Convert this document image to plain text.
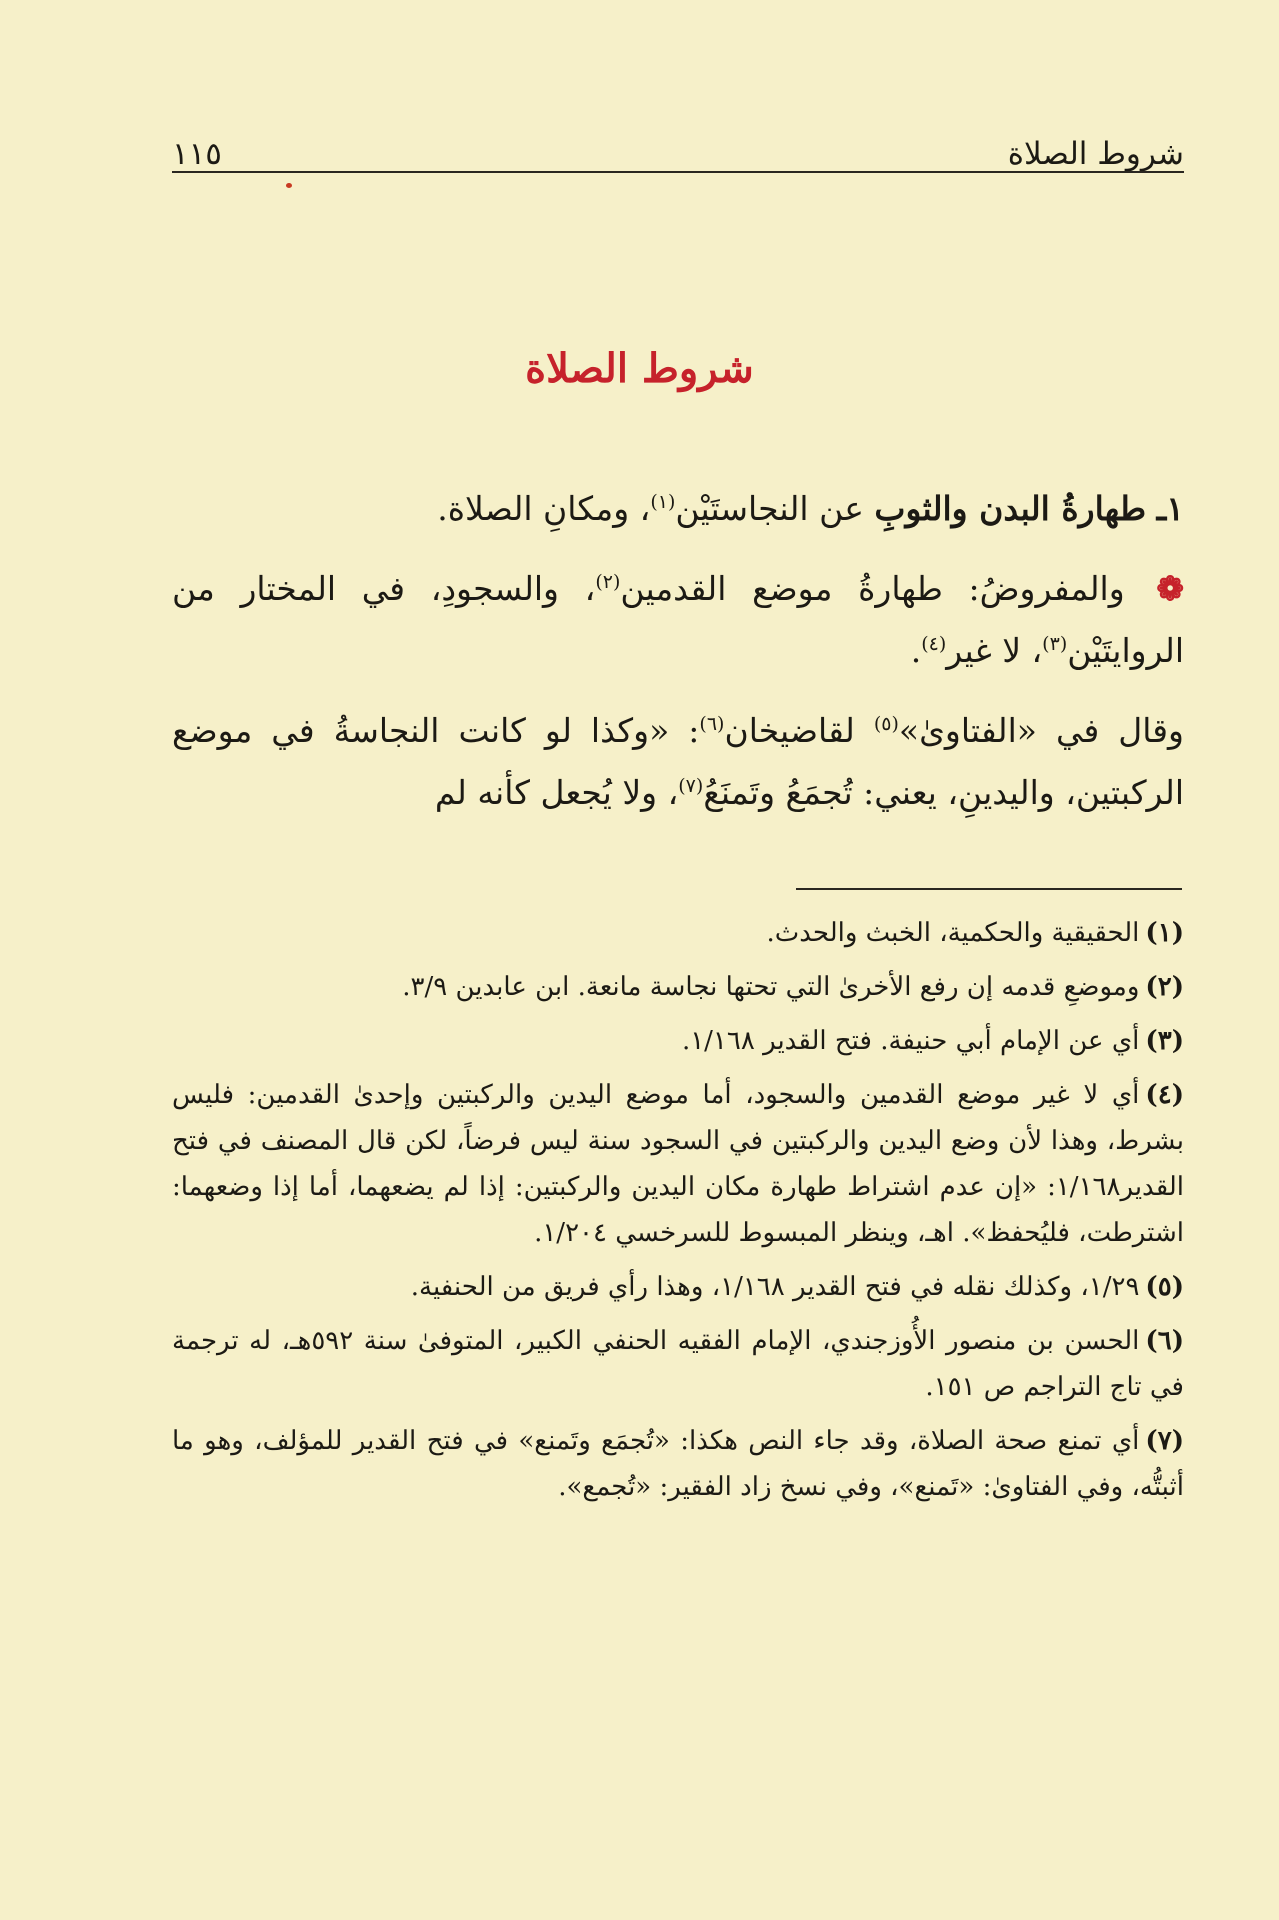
شروط الصلاة
١١٥
شروط الصلاة

١ـ طهارةُ البدن والثوبِ عن النجاستَيْن$^{(١)}$، ومكانِ الصلاة.

❁ والمفروضُ: طهارةُ موضع القدمين$^{(٢)}$، والسجودِ، في المختار من الروايتَيْن$^{(٣)}$، لا غير$^{(٤)}$.

وقال في «الفتاوىٰ»$^{(٥)}$ لقاضيخان$^{(٦)}$: «وكذا لو كانت النجاسةُ في موضع الركبتين، واليدينِ، يعني: تُجمَعُ وتَمنَعُ$^{(٧)}$، ولا يُجعل كأنه لم

(١)الحقيقية والحكمية، الخبث والحدث.

(٢)وموضعِ قدمه إن رفع الأخرىٰ التي تحتها نجاسة مانعة. ابن عابدين ٣/٩.

(٣)أي عن الإمام أبي حنيفة. فتح القدير ١/١٦٨.

(٤)أي لا غير موضع القدمين والسجود، أما موضع اليدين والركبتين وإحدىٰ القدمين: فليس بشرط، وهذا لأن وضع اليدين والركبتين في السجود سنة ليس فرضاً، لكن قال المصنف في فتح القدير١/١٦٨: «إن عدم اشتراط طهارة مكان اليدين والركبتين: إذا لم يضعهما، أما إذا وضعهما: اشترطت، فليُحفظ». اهـ، وينظر المبسوط للسرخسي ١/٢٠٤.

(٥)١/٢٩، وكذلك نقله في فتح القدير ١/١٦٨، وهذا رأي فريق من الحنفية.

(٦)الحسن بن منصور الأُوزجندي، الإمام الفقيه الحنفي الكبير، المتوفىٰ سنة ٥٩٢هـ، له ترجمة في تاج التراجم ص ١٥١.

(٧)أي تمنع صحة الصلاة، وقد جاء النص هكذا: «تُجمَع وتَمنع» في فتح القدير للمؤلف، وهو ما أثبتُّه، وفي الفتاوىٰ: «تَمنع»، وفي نسخ زاد الفقير: «تُجمع».
